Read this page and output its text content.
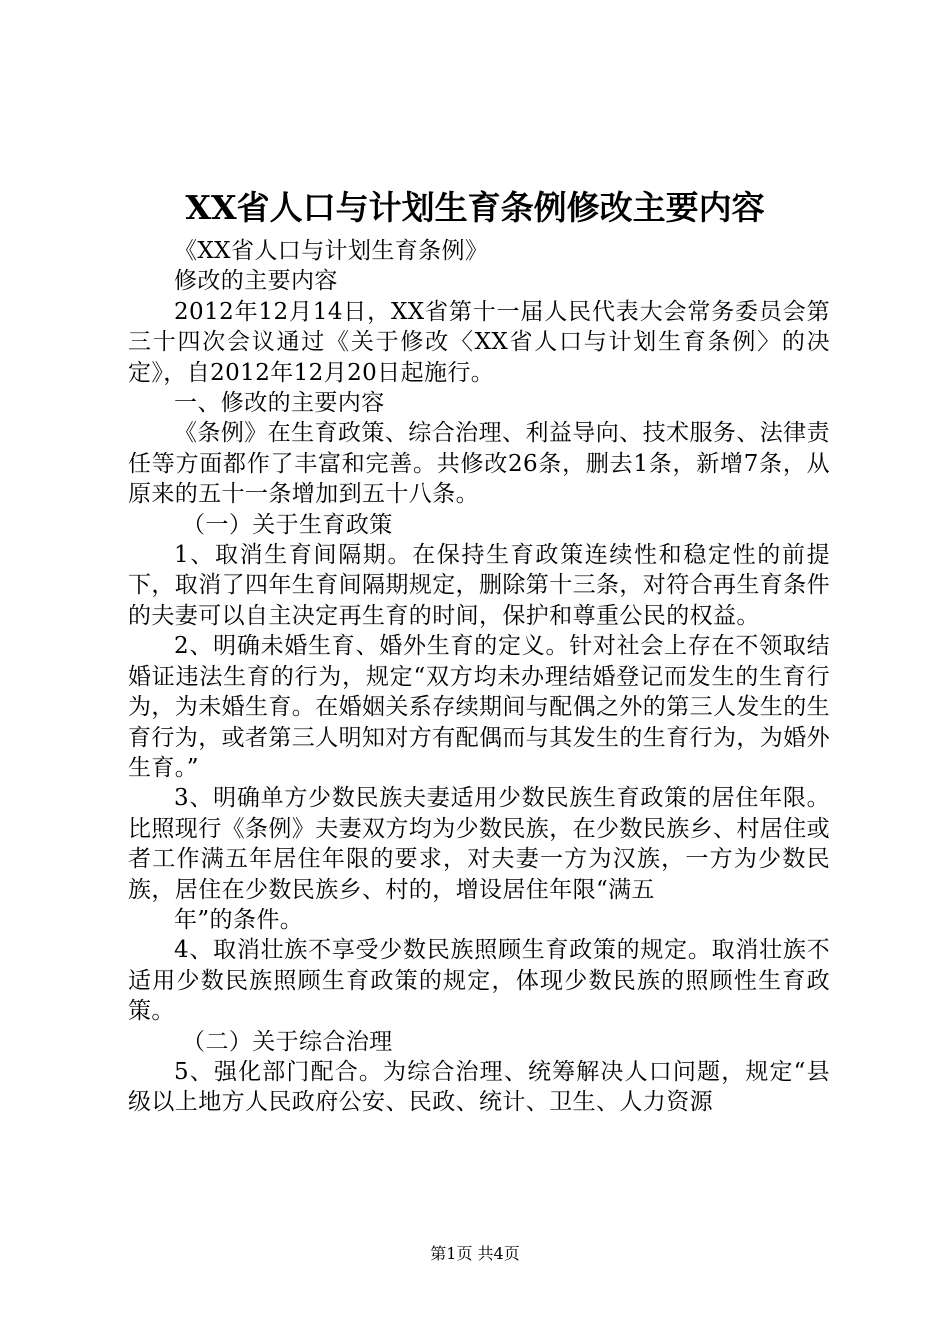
XX省人口与计划生育条例修改主要内容

《XX省人口与计划生育条例》

修改的主要内容

2012年12月14日，XX省第十一届人民代表大会常务委员会第三十四次会议通过《关于修改〈XX省人口与计划生育条例〉的决定》，自2012年12月20日起施行。

一、修改的主要内容

《条例》在生育政策、综合治理、利益导向、技术服务、法律责任等方面都作了丰富和完善。共修改26条，删去1条，新增7条，从原来的五十一条增加到五十八条。

（一）关于生育政策

1、取消生育间隔期。在保持生育政策连续性和稳定性的前提下，取消了四年生育间隔期规定，删除第十三条，对符合再生育条件的夫妻可以自主决定再生育的时间，保护和尊重公民的权益。

2、明确未婚生育、婚外生育的定义。针对社会上存在不领取结婚证违法生育的行为，规定“双方均未办理结婚登记而发生的生育行为，为未婚生育。在婚姻关系存续期间与配偶之外的第三人发生的生育行为，或者第三人明知对方有配偶而与其发生的生育行为，为婚外生育。”

3、明确单方少数民族夫妻适用少数民族生育政策的居住年限。比照现行《条例》夫妻双方均为少数民族，在少数民族乡、村居住或者工作满五年居住年限的要求，对夫妻一方为汉族，一方为少数民族，居住在少数民族乡、村的，增设居住年限“满五

年”的条件。

4、取消壮族不享受少数民族照顾生育政策的规定。取消壮族不适用少数民族照顾生育政策的规定，体现少数民族的照顾性生育政策。

（二）关于综合治理

5、强化部门配合。为综合治理、统筹解决人口问题，规定“县级以上地方人民政府公安、民政、统计、卫生、人力资源

第1页 共4页
